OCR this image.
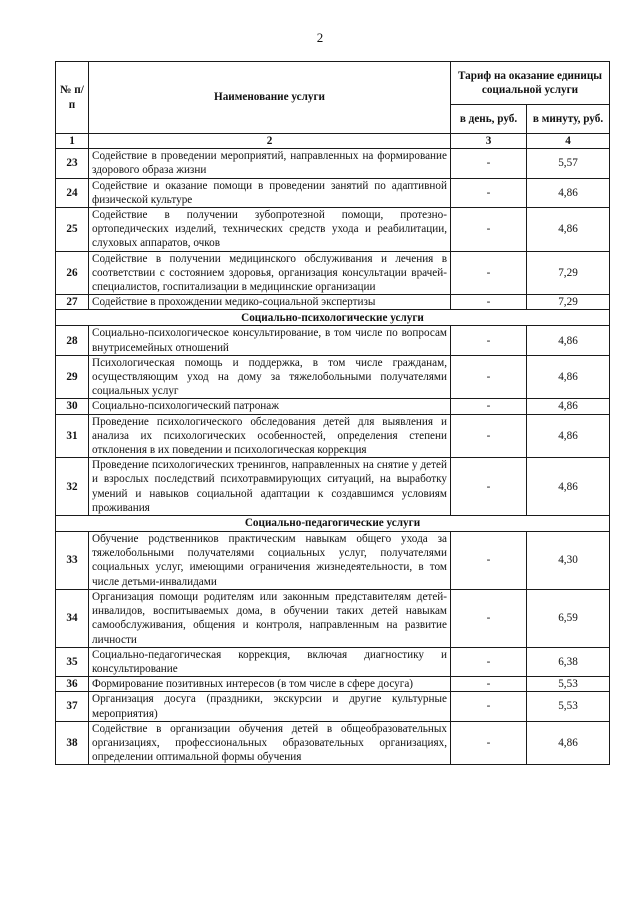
2
№ п/п	Наименование услуги	Тариф на оказание единицы социальной услуги	
		в день, руб.	в минуту, руб.
1	2	3	4
23	Содействие в проведении мероприятий, направленных на формирование здорового образа жизни	-	5,57
24	Содействие и оказание помощи в проведении занятий по адаптивной физической культуре	-	4,86
25	Содействие в получении зубопротезной помощи, протезно-ортопедических изделий, технических средств ухода и реабилитации, слуховых аппаратов, очков	-	4,86
26	Содействие в получении медицинского обслуживания и лечения в соответствии с состоянием здоровья, организация консультации врачей-специалистов, госпитализации в медицинские организации	-	7,29
27	Содействие в прохождении медико-социальной экспертизы	-	7,29
Социально-психологические услуги			
28	Социально-психологическое консультирование, в том числе по вопросам внутрисемейных отношений	-	4,86
29	Психологическая помощь и поддержка, в том числе гражданам, осуществляющим уход на дому за тяжелобольными получателями социальных услуг	-	4,86
30	Социально-психологический патронаж	-	4,86
31	Проведение психологического обследования детей для выявления и анализа их психологических особенностей, определения степени отклонения в их поведении и психологическая коррекция	-	4,86
32	Проведение психологических тренингов, направленных на снятие у детей и взрослых последствий психотравмирующих ситуаций, на выработку умений и навыков социальной адаптации к создавшимся условиям проживания	-	4,86
Социально-педагогические услуги			
33	Обучение родственников практическим навыкам общего ухода за тяжелобольными получателями социальных услуг, получателями социальных услуг, имеющими ограничения жизнедеятельности, в том числе детьми-инвалидами	-	4,30
34	Организация помощи родителям или законным представителям детей-инвалидов, воспитываемых дома, в обучении таких детей навыкам самообслуживания, общения и контроля, направленным на развитие личности	-	6,59
35	Социально-педагогическая коррекция, включая диагностику и консультирование	-	6,38
36	Формирование позитивных интересов (в том числе в сфере досуга)	-	5,53
37	Организация досуга (праздники, экскурсии и другие культурные мероприятия)	-	5,53
38	Содействие в организации обучения детей в общеобразовательных организациях, профессиональных образовательных организациях, определении оптимальной формы обучения	-	4,86
